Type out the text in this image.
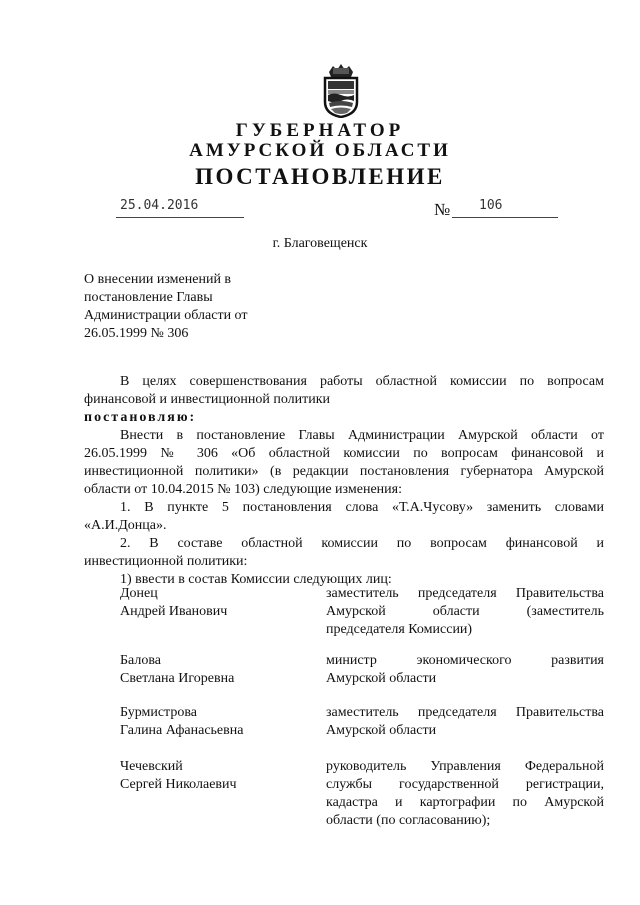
ГУБЕРНАТОР
АМУРСКОЙ ОБЛАСТИ
ПОСТАНОВЛЕНИЕ
25.04.2016	№ 106
г. Благовещенск
О внесении изменений в
постановление Главы
Администрации области от
26.05.1999 № 306

В целях совершенствования работы областной комиссии по вопросам

финансовой и инвестиционной политики

постановляю:

Внести в постановление Главы Администрации Амурской области от

26.05.1999 № 306 «Об областной комиссии по вопросам финансовой и

инвестиционной политики» (в редакции постановления губернатора Амурской

области от 10.04.2015 № 103) следующие изменения:

1. В пункте 5 постановления слова «Т.А.Чусову» заменить словами

«А.И.Донца».

2. В составе областной комиссии по вопросам финансовой и

инвестиционной политики:

1) ввести в состав Комиссии следующих лиц:

Донец
Андрей Иванович

заместитель председателя Правительства

Амурской области (заместитель

председателя Комиссии)

Балова
Светлана Игоревна

министр экономического развития

Амурской области

Бурмистрова
Галина Афанасьевна

заместитель председателя Правительства

Амурской области

Чечевский
Сергей Николаевич

руководитель Управления Федеральной

службы государственной регистрации,

кадастра и картографии по Амурской

области (по согласованию);
